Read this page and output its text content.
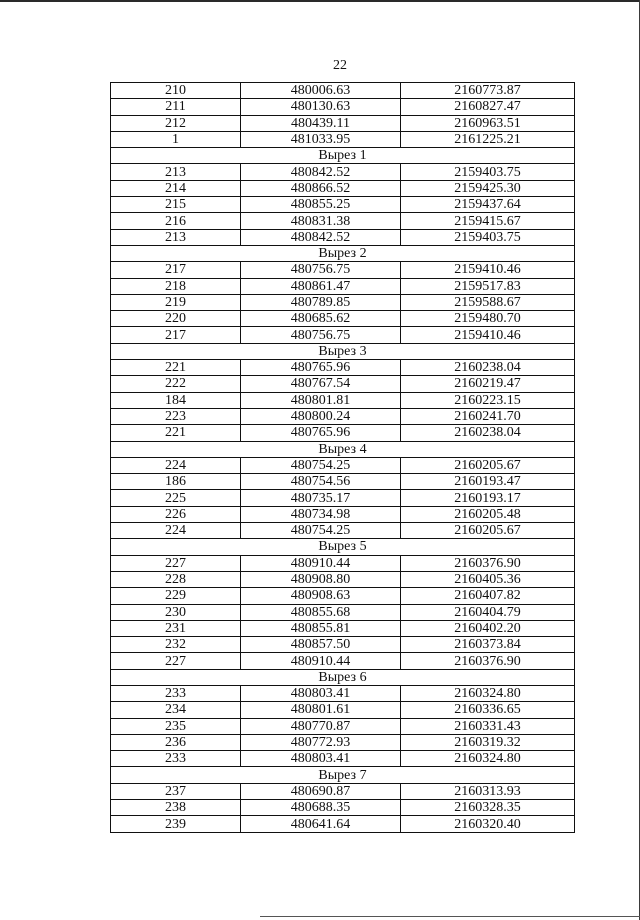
22
210	480006.63	2160773.87
211	480130.63	2160827.47
212	480439.11	2160963.51
1	481033.95	2161225.21
Вырез 1		
213	480842.52	2159403.75
214	480866.52	2159425.30
215	480855.25	2159437.64
216	480831.38	2159415.67
213	480842.52	2159403.75
Вырез 2		
217	480756.75	2159410.46
218	480861.47	2159517.83
219	480789.85	2159588.67
220	480685.62	2159480.70
217	480756.75	2159410.46
Вырез 3		
221	480765.96	2160238.04
222	480767.54	2160219.47
184	480801.81	2160223.15
223	480800.24	2160241.70
221	480765.96	2160238.04
Вырез 4		
224	480754.25	2160205.67
186	480754.56	2160193.47
225	480735.17	2160193.17
226	480734.98	2160205.48
224	480754.25	2160205.67
Вырез 5		
227	480910.44	2160376.90
228	480908.80	2160405.36
229	480908.63	2160407.82
230	480855.68	2160404.79
231	480855.81	2160402.20
232	480857.50	2160373.84
227	480910.44	2160376.90
Вырез 6		
233	480803.41	2160324.80
234	480801.61	2160336.65
235	480770.87	2160331.43
236	480772.93	2160319.32
233	480803.41	2160324.80
Вырез 7		
237	480690.87	2160313.93
238	480688.35	2160328.35
239	480641.64	2160320.40
